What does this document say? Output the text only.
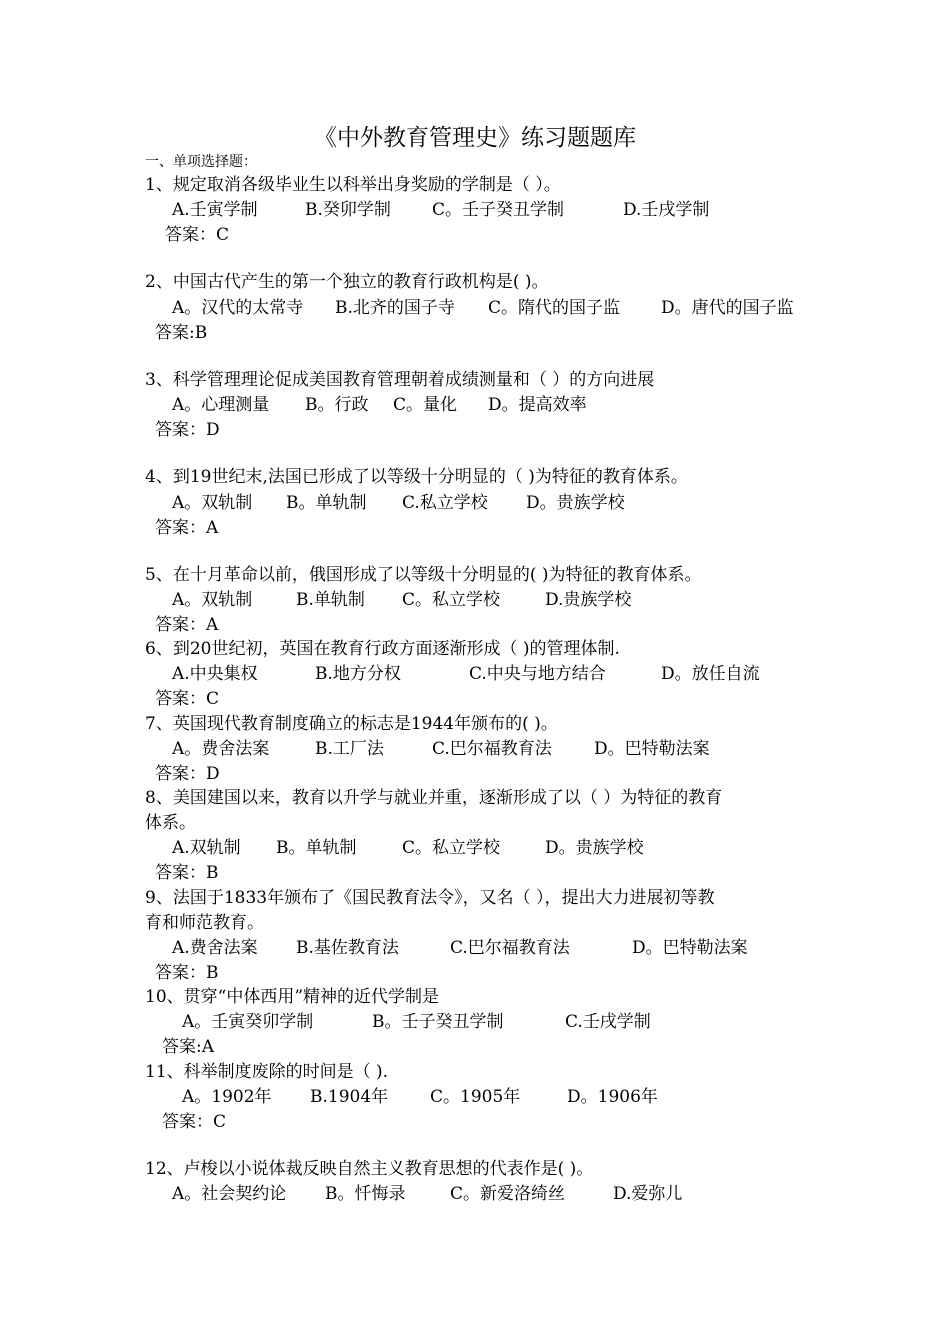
《中外教育管理史》练习题题库
一、单项选择题：
1、规定取消各级毕业生以科举出身奖励的学制是（ ）。
A.壬寅学制	B.癸卯学制 C。壬子癸丑学制	D.壬戌学制
答案：C
2、中国古代产生的第一个独立的教育行政机构是( )。
A。汉代的太常寺 B.北齐的国子寺 C。隋代的国子监 D。唐代的国子监
答案:B
3、科学管理理论促成美国教育管理朝着成绩测量和（ ）的方向进展
A。心理测量 B。行政 C。量化 D。提高效率
答案：D
4、到19世纪末,法国已形成了以等级十分明显的（ )为特征的教育体系。
A。双轨制 B。单轨制 C.私立学校 D。贵族学校
答案：A
5、在十月革命以前，俄国形成了以等级十分明显的( )为特征的教育体系。
A。双轨制	B.单轨制 C。私立学校	D.贵族学校
答案：A
6、到20世纪初，英国在教育行政方面逐渐形成（ )的管理体制.
A.中央集权	B.地方分权	C.中央与地方结合	D。放任自流
答案：C
7、英国现代教育制度确立的标志是1944年颁布的( )。
A。费舍法案	B.工厂法	C.巴尔福教育法 D。巴特勒法案
答案：D
8、美国建国以来，教育以升学与就业并重，逐渐形成了以（ ）为特征的教育
体系。
A.双轨制 B。单轨制	C。私立学校	D。贵族学校
答案：B
9、法国于1833年颁布了《国民教育法令》，又名（ ），提出大力进展初等教
育和师范教育。
A.费舍法案 B.基佐教育法	C.巴尔福教育法	D。巴特勒法案
答案：B
10、贯穿“中体西用”精神的近代学制是
A。壬寅癸卯学制	B。壬子癸丑学制	C.壬戌学制
答案:A
11、科举制度废除的时间是（ ).
A。1902年 B.1904年 C。1905年	D。1906年
答案：C
12、卢梭以小说体裁反映自然主义教育思想的代表作是( )。
A。社会契约论 B。忏悔录	C。新爱洛绮丝	D.爱弥儿
